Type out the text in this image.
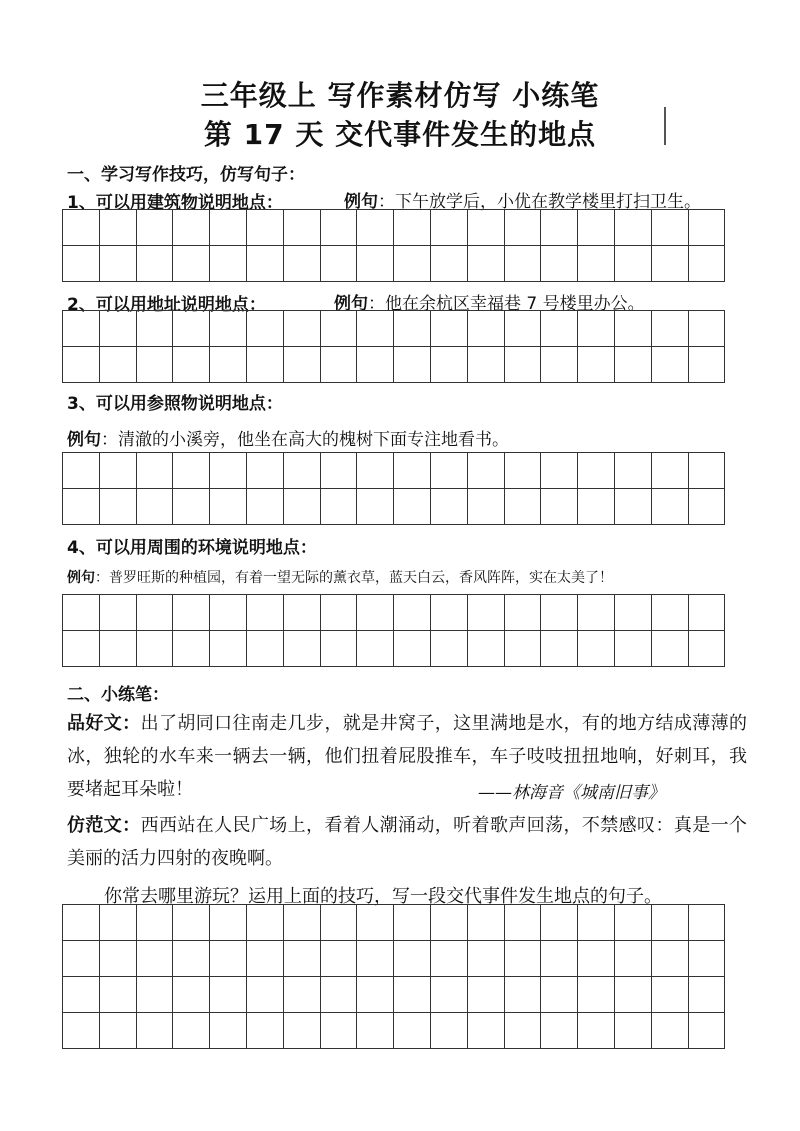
三年级上 写作素材仿写 小练笔
第 17 天 交代事件发生的地点
一、学习写作技巧，仿写句子：
1、可以用建筑物说明地点：	例句：下午放学后，小优在教学楼里打扫卫生。
2、可以用地址说明地点：	例句：他在余杭区幸福巷 7 号楼里办公。
3、可以用参照物说明地点：
例句：清澈的小溪旁，他坐在高大的槐树下面专注地看书。
4、可以用周围的环境说明地点：
例句：普罗旺斯的种植园，有着一望无际的薰衣草，蓝天白云，香风阵阵，实在太美了！
二、小练笔：
品好文：出了胡同口往南走几步，就是井窝子，这里满地是水，有的地方结成薄薄的冰，独轮的水车来一辆去一辆，他们扭着屁股推车，车子吱吱扭扭地响，好刺耳，我要堵起耳朵啦！	——林海音《城南旧事》
仿范文：西西站在人民广场上，看着人潮涌动，听着歌声回荡，不禁感叹：真是一个美丽的活力四射的夜晚啊。
你常去哪里游玩？运用上面的技巧，写一段交代事件发生地点的句子。
